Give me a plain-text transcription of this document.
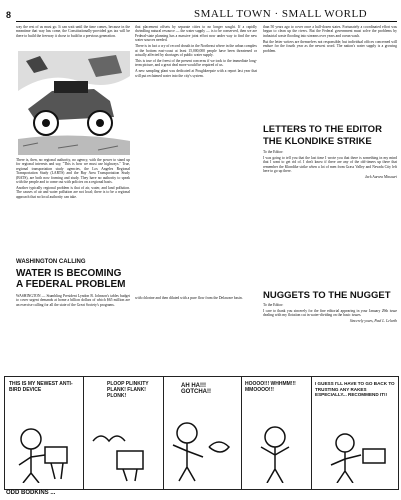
8	SMALL TOWN · SMALL WORLD

way the rest of us must go. It can wait until the time comes, because in the meantime that way has come, the Constitutionally-provided gas tax will be there to build the freeway it chose to build in a previous generation.

There is, then, no regional authority, no agency, with the power to stand up for regional interests and say, "This is how we must use highways." True, regional transportation study agencies, the Los Angeles Regional Transportation Study (LARTS) and the Bay Area Transportation Study (BATS), are both now forming and study. They have no authority to speak with the people and to come out with policies on a regional basis.

Another typically regional problem is that of air, water, and land pollution. The causes of air and water pollution are not local; there is to be a regional approach that no local authority can take.

WASHINGTON CALLING
WATER IS BECOMING A FEDERAL PROBLEM

WASHINGTON — Stumbling President Lyndon B. Johnson's tables budget to cover urgent demands at home a billion dollars of which $65 million are an exercise calling for all the state of the Great Society's programs.

that placement offsets by separate cities to no longer sought. If a rapidly dwindling natural resource — the water supply — is to be conserved, then we are Federal-state planning has a massive joint effort now under way to find the new water sources needed.

There is in fact a cry of record drouth in the Northeast where in the urban complex at the bottom east-coast at least 15,000,000 people have been threatened or actually affected by shortages of public water supply.

This is true of the freest of the present concerns if we took to the immediate long-term picture, and a great deal more would be required of us.

A new sampling plant was dedicated at Poughkeepsie with a report last year that will put reclaimed water into the city's system.

with chlorine and then diluted with a pure flow from the Delaware basin.

than 50 years ago to cover once a half-dozen states. Fortunately a coordinated effort was begun to clean up the rivers. But the Federal government must solve the problems by industrial waste flooding into streams over years and ocean wash.

But the letter writers are themselves not responsible; but individual offices concerned will endure for the fourth year as the newest word. The nation's water supply is a growing problem.

LETTERS TO THE EDITOR
THE KLONDIKE STRIKE

To the Editor:

I was going to tell you that the last time I wrote you that there is something in my mind that I want to get rid of. I don't know if there are any of the old-timers up there that remember the Klondike strike when a lot of men from Grass Valley and Nevada City left here to go up there.

Jack Aurora Missouri

NUGGETS TO THE NUGGET

To the Editor:

I care to thank you sincerely for the fine editorial appearing in your January 29th issue dealing with my flotation cut in water-dividing on the basic issues.

Sincerely yours, Paul L. Lelarth

THIS IS MY NEWEST ANTI-BIRD DEVICE
PLOOP PLINKITY PLANK! FLANK! PLONK!
AH HA!!! GOTCHA!!
HOOOO!!! WHHMM!!! MMOOOO!!!
I GUESS I'LL HAVE TO GO BACK TO TRUSTING ANY RAKES ESPECIALLY... RECOMMEND IT!!
ODD BODKINS ...
